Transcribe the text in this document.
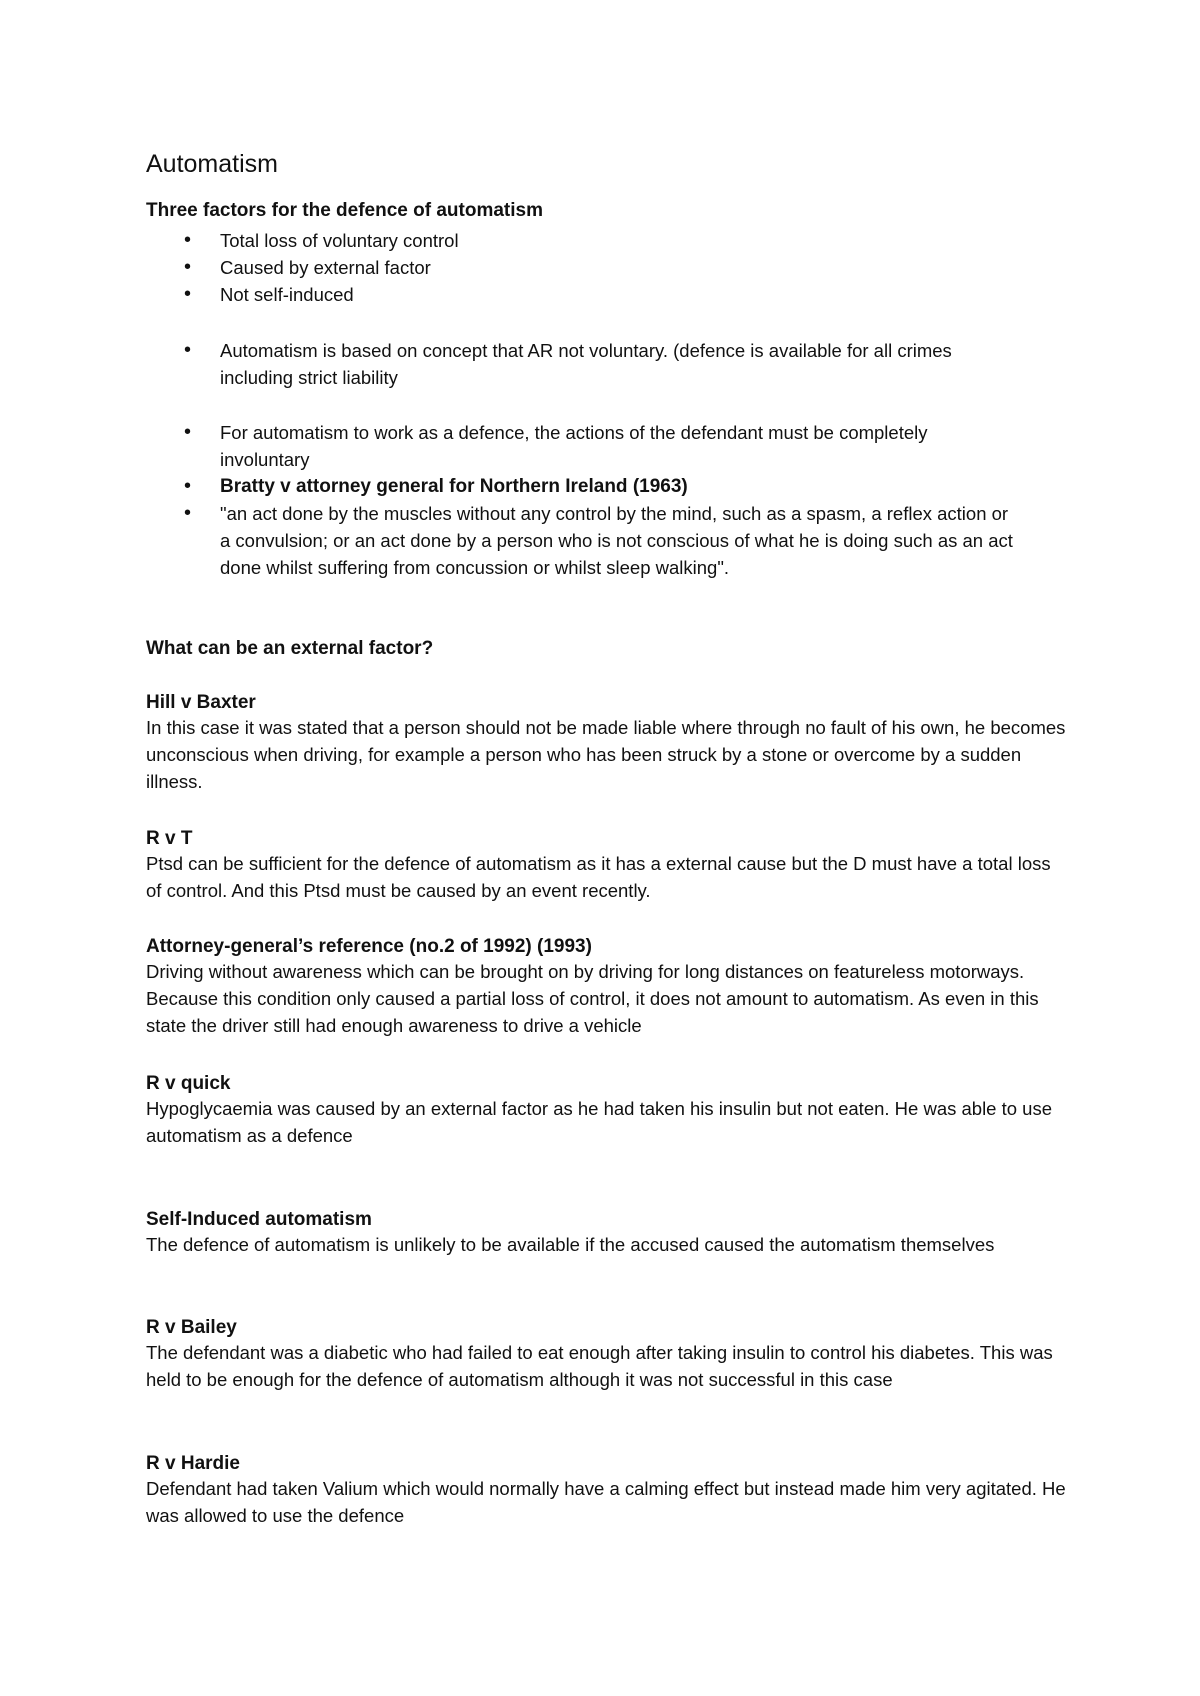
Automatism

Three factors for the defence of automatism

• Total loss of voluntary control
• Caused by external factor
• Not self-induced
• Automatism is based on concept that AR not voluntary. (defence is available for all crimes including strict liability
• For automatism to work as a defence, the actions of the defendant must be completely involuntary
• Bratty v attorney general for Northern Ireland (1963)
• "an act done by the muscles without any control by the mind, such as a spasm, a reflex action or a convulsion; or an act done by a person who is not conscious of what he is doing such as an act done whilst suffering from concussion or whilst sleep walking".

What can be an external factor?

Hill v Baxter

In this case it was stated that a person should not be made liable where through no fault of his own, he becomes unconscious when driving, for example a person who has been struck by a stone or overcome by a sudden illness.

R v T

Ptsd can be sufficient for the defence of automatism as it has a external cause but the D must have a total loss of control. And this Ptsd must be caused by an event recently.

Attorney-general’s reference (no.2 of 1992) (1993)

Driving without awareness which can be brought on by driving for long distances on featureless motorways. Because this condition only caused a partial loss of control, it does not amount to automatism. As even in this state the driver still had enough awareness to drive a vehicle

R v quick

Hypoglycaemia was caused by an external factor as he had taken his insulin but not eaten. He was able to use automatism as a defence

Self-Induced automatism

The defence of automatism is unlikely to be available if the accused caused the automatism themselves

R v Bailey

The defendant was a diabetic who had failed to eat enough after taking insulin to control his diabetes. This was held to be enough for the defence of automatism although it was not successful in this case

R v Hardie

Defendant had taken Valium which would normally have a calming effect but instead made him very agitated. He was allowed to use the defence
